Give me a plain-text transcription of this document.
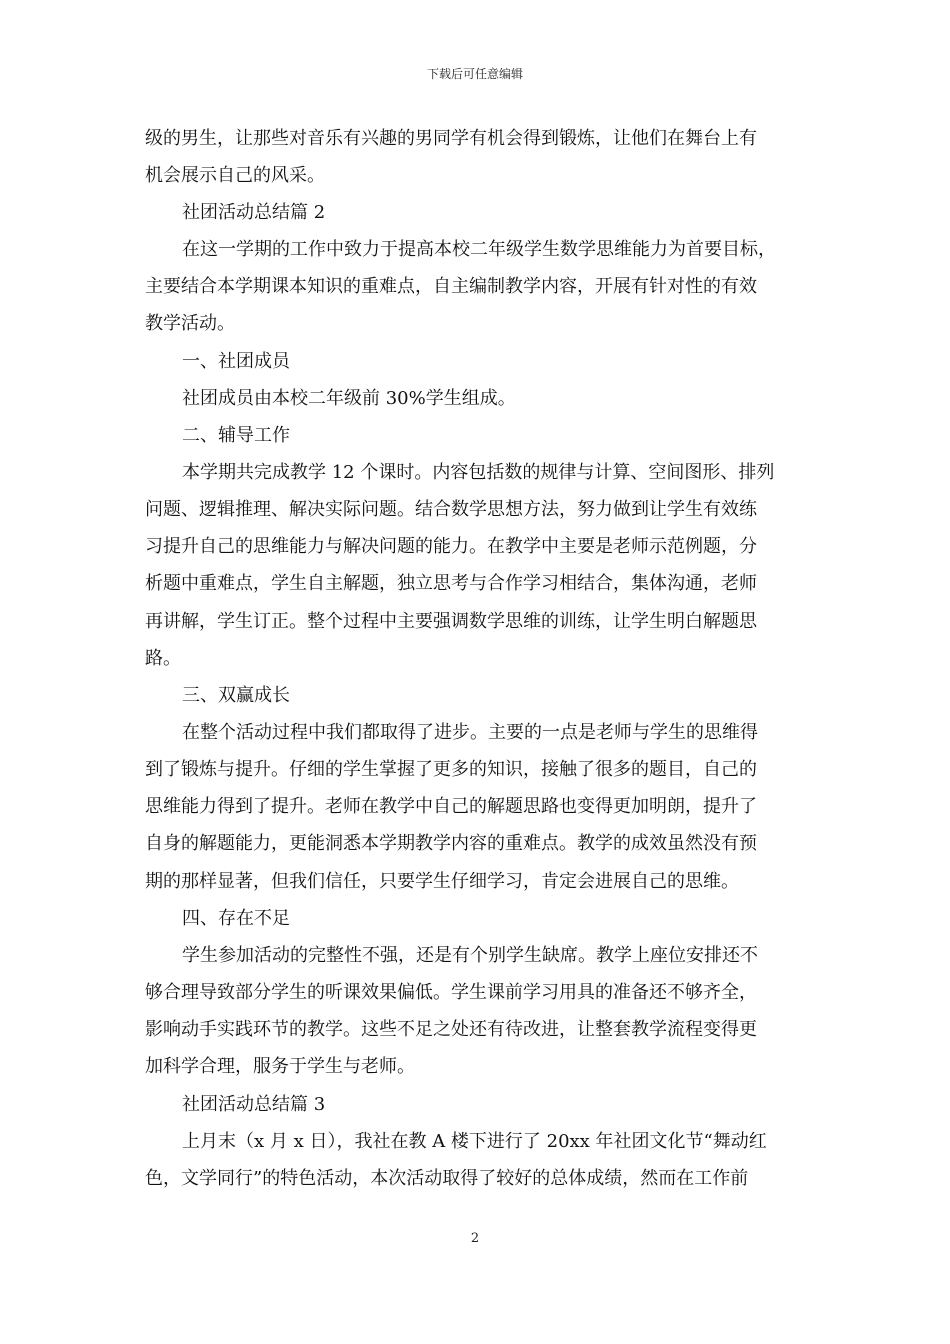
下载后可任意编辑
级的男生，让那些对音乐有兴趣的男同学有机会得到锻炼，让他们在舞台上有
机会展示自己的风采。
社团活动总结篇 2
在这一学期的工作中致力于提高本校二年级学生数学思维能力为首要目标，
主要结合本学期课本知识的重难点，自主编制教学内容，开展有针对性的有效
教学活动。
一、社团成员
社团成员由本校二年级前 30%学生组成。
二、辅导工作
本学期共完成教学 12 个课时。内容包括数的规律与计算、空间图形、排列
问题、逻辑推理、解决实际问题。结合数学思想方法，努力做到让学生有效练
习提升自己的思维能力与解决问题的能力。在教学中主要是老师示范例题，分
析题中重难点，学生自主解题，独立思考与合作学习相结合，集体沟通，老师
再讲解，学生订正。整个过程中主要强调数学思维的训练，让学生明白解题思
路。
三、双赢成长
在整个活动过程中我们都取得了进步。主要的一点是老师与学生的思维得
到了锻炼与提升。仔细的学生掌握了更多的知识，接触了很多的题目，自己的
思维能力得到了提升。老师在教学中自己的解题思路也变得更加明朗，提升了
自身的解题能力，更能洞悉本学期教学内容的重难点。教学的成效虽然没有预
期的那样显著，但我们信任，只要学生仔细学习，肯定会进展自己的思维。
四、存在不足
学生参加活动的完整性不强，还是有个别学生缺席。教学上座位安排还不
够合理导致部分学生的听课效果偏低。学生课前学习用具的准备还不够齐全，
影响动手实践环节的教学。这些不足之处还有待改进，让整套教学流程变得更
加科学合理，服务于学生与老师。
社团活动总结篇 3
上月末（x 月 x 日），我社在教 A 楼下进行了 20xx 年社团文化节“舞动红
色，文学同行”的特色活动，本次活动取得了较好的总体成绩，然而在工作前
2
